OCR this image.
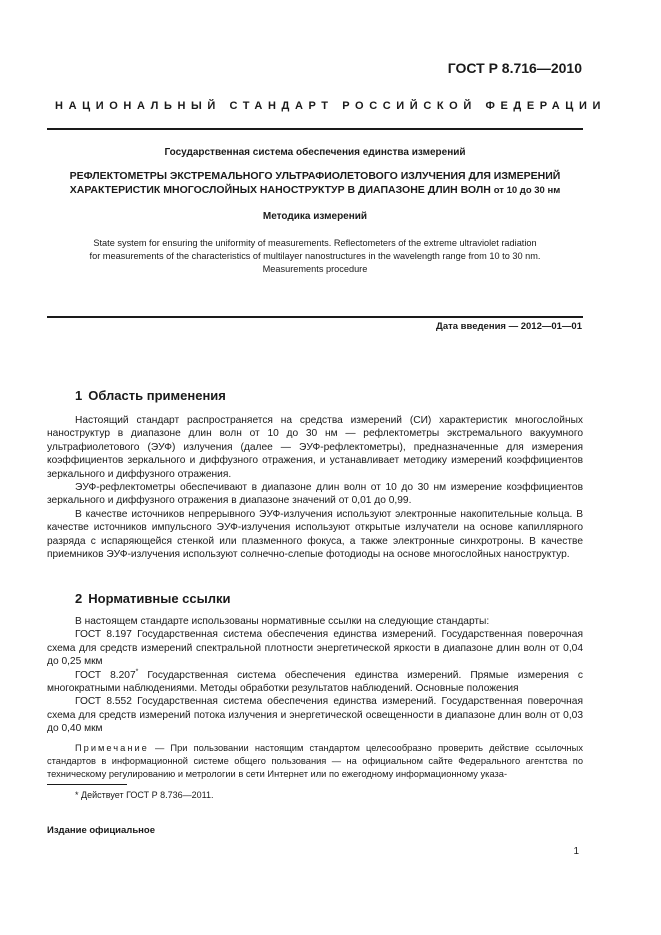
ГОСТ Р 8.716—2010
НАЦИОНАЛЬНЫЙ СТАНДАРТ РОССИЙСКОЙ ФЕДЕРАЦИИ
Государственная система обеспечения единства измерений
РЕФЛЕКТОМЕТРЫ ЭКСТРЕМАЛЬНОГО УЛЬТРАФИОЛЕТОВОГО ИЗЛУЧЕНИЯ ДЛЯ ИЗМЕРЕНИЙ
ХАРАКТЕРИСТИК МНОГОСЛОЙНЫХ НАНОСТРУКТУР В ДИАПАЗОНЕ ДЛИН ВОЛН от 10 до 30 нм
Методика измерений
State system for ensuring the uniformity of measurements. Reflectometers of the extreme ultraviolet radiation
for measurements of the characteristics of multilayer nanostructures in the wavelength range from 10 to 30 nm.
Measurements procedure
Дата введения — 2012—01—01
1 Область применения

Настоящий стандарт распространяется на средства измерений (СИ) характеристик многослойных наноструктур в диапазоне длин волн от 10 до 30 нм — рефлектометры экстремального вакуумного ультрафиолетового (ЭУФ) излучения (далее — ЭУФ-рефлектометры), предназначенные для измерения коэффициентов зеркального и диффузного отражения, и устанавливает методику измерений коэффициентов зеркального и диффузного отражения.

ЭУФ-рефлектометры обеспечивают в диапазоне длин волн от 10 до 30 нм измерение коэффициентов зеркального и диффузного отражения в диапазоне значений от 0,01 до 0,99.

В качестве источников непрерывного ЭУФ-излучения используют электронные накопительные кольца. В качестве источников импульсного ЭУФ-излучения используют открытые излучатели на основе капиллярного разряда с испаряющейся стенкой или плазменного фокуса, а также электронные синхротроны. В качестве приемников ЭУФ-излучения используют солнечно-слепые фотодиоды на основе многослойных наноструктур.

2 Нормативные ссылки

В настоящем стандарте использованы нормативные ссылки на следующие стандарты:

ГОСТ 8.197 Государственная система обеспечения единства измерений. Государственная поверочная схема для средств измерений спектральной плотности энергетической яркости в диапазоне длин волн от 0,04 до 0,25 мкм

ГОСТ 8.207* Государственная система обеспечения единства измерений. Прямые измерения с многократными наблюдениями. Методы обработки результатов наблюдений. Основные положения

ГОСТ 8.552 Государственная система обеспечения единства измерений. Государственная поверочная схема для средств измерений потока излучения и энергетической освещенности в диапазоне длин волн от 0,03 до 0,40 мкм

Примечание — При пользовании настоящим стандартом целесообразно проверить действие ссылочных стандартов в информационной системе общего пользования — на официальном сайте Федерального агентства по техническому регулированию и метрологии в сети Интернет или по ежегодному информационному указа-
* Действует ГОСТ Р 8.736—2011.
Издание официальное
1
